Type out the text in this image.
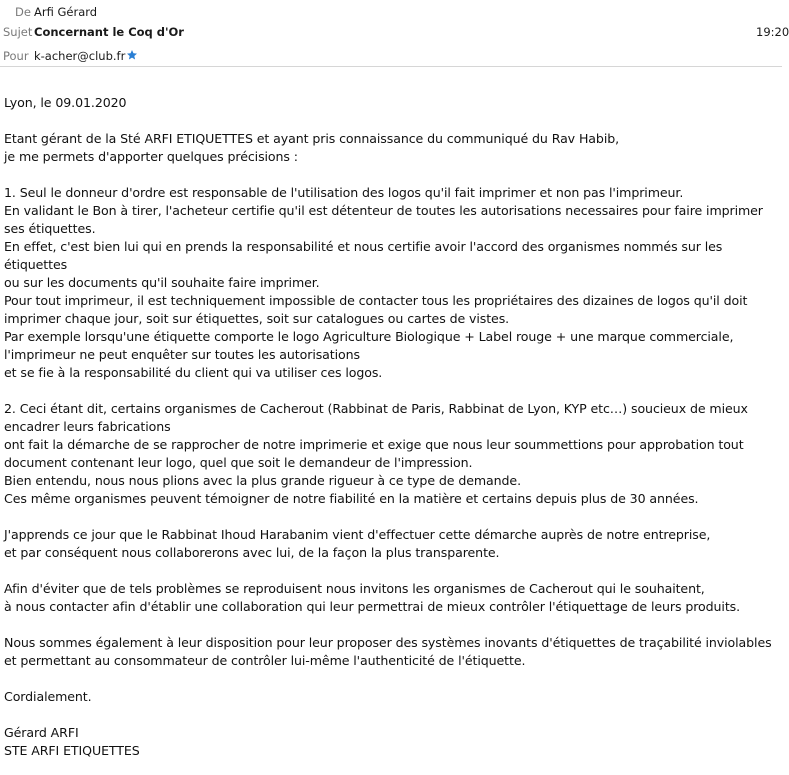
De Arfi Gérard
Sujet Concernant le Coq d'Or	19:20
Pour k-acher@club.fr

Lyon, le 09.01.2020

Etant gérant de la Sté ARFI ETIQUETTES et ayant pris connaissance du communiqué du Rav Habib,
je me permets d'apporter quelques précisions :

1. Seul le donneur d'ordre est responsable de l'utilisation des logos qu'il fait imprimer et non pas l'imprimeur.
En validant le Bon à tirer, l'acheteur certifie qu'il est détenteur de toutes les autorisations necessaires pour faire imprimer
ses étiquettes.
En effet, c'est bien lui qui en prends la responsabilité et nous certifie avoir l'accord des organismes nommés sur les
étiquettes
ou sur les documents qu'il souhaite faire imprimer.
Pour tout imprimeur, il est techniquement impossible de contacter tous les propriétaires des dizaines de logos qu'il doit
imprimer chaque jour, soit sur étiquettes, soit sur catalogues ou cartes de vistes.
Par exemple lorsqu'une étiquette comporte le logo Agriculture Biologique + Label rouge + une marque commerciale,
l'imprimeur ne peut enquêter sur toutes les autorisations
et se fie à la responsabilité du client qui va utiliser ces logos.

2. Ceci étant dit, certains organismes de Cacherout (Rabbinat de Paris, Rabbinat de Lyon, KYP etc…) soucieux de mieux
encadrer leurs fabrications
ont fait la démarche de se rapprocher de notre imprimerie et exige que nous leur soummettions pour approbation tout
document contenant leur logo, quel que soit le demandeur de l'impression.
Bien entendu, nous nous plions avec la plus grande rigueur à ce type de demande.
Ces même organismes peuvent témoigner de notre fiabilité en la matière et certains depuis plus de 30 années.

J'apprends ce jour que le Rabbinat Ihoud Harabanim vient d'effectuer cette démarche auprès de notre entreprise,
et par conséquent nous collaborerons avec lui, de la façon la plus transparente.

Afin d'éviter que de tels problèmes se reproduisent nous invitons les organismes de Cacherout qui le souhaitent,
à nous contacter afin d'établir une collaboration qui leur permettrai de mieux contrôler l'étiquettage de leurs produits.

Nous sommes également à leur disposition pour leur proposer des systèmes inovants d'étiquettes de traçabilité inviolables
et permettant au consommateur de contrôler lui-même l'authenticité de l'étiquette.

Cordialement.

Gérard ARFI
STE ARFI ETIQUETTES
